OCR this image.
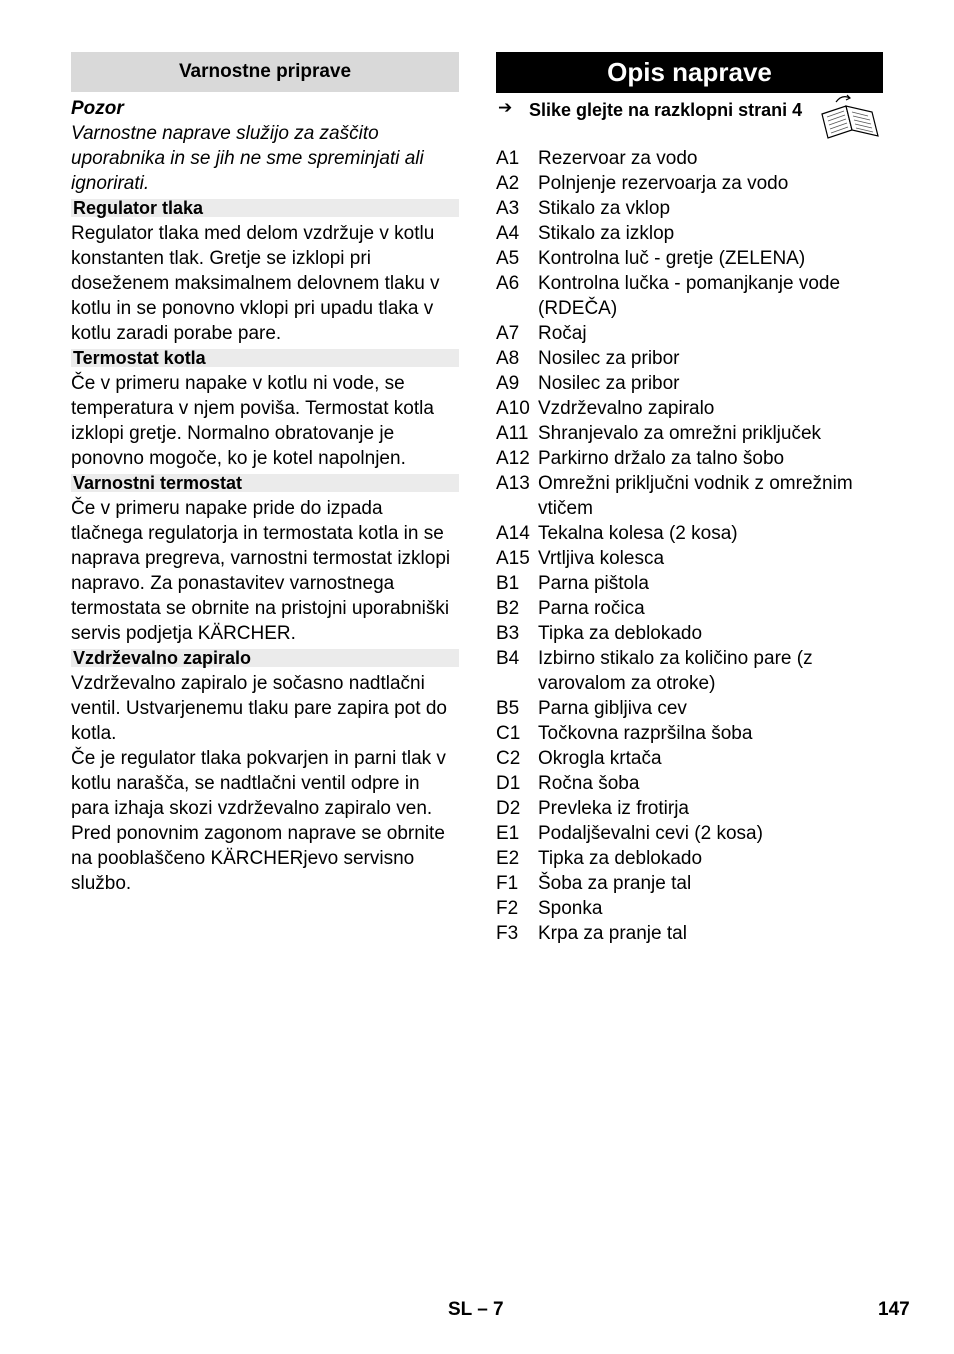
Varnostne priprave

Pozor

Varnostne naprave služijo za zaščito uporabnika in se jih ne sme spreminjati ali ignorirati.

Regulator tlaka

Regulator tlaka med delom vzdržuje v kotlu konstanten tlak. Gretje se izklopi pri doseženem maksimalnem delovnem tlaku v kotlu in se ponovno vklopi pri upadu tlaka v kotlu zaradi porabe pare.

Termostat kotla

Če v primeru napake v kotlu ni vode, se temperatura v njem poviša. Termostat kotla izklopi gretje. Normalno obratovanje je ponovno mogoče, ko je kotel napolnjen.

Varnostni termostat

Če v primeru napake pride do izpada tlačnega regulatorja in termostata kotla in se naprava pregreva, varnostni termostat izklopi napravo. Za ponastavitev varnostnega termostata se obrnite na pristojni uporabniški servis podjetja KÄRCHER.

Vzdrževalno zapiralo

Vzdrževalno zapiralo je sočasno nadtlačni ventil. Ustvarjenemu tlaku pare zapira pot do kotla.

Če je regulator tlaka pokvarjen in parni tlak v kotlu narašča, se nadtlačni ventil odpre in para izhaja skozi vzdrževalno zapiralo ven. Pred ponovnim zagonom naprave se obrnite na pooblaščeno KÄRCHERjevo servisno službo.

Opis naprave
➔ Slike glejte na razklopni strani 4
A1 Rezervoar za vodo
A2 Polnjenje rezervoarja za vodo
A3 Stikalo za vklop
A4 Stikalo za izklop
A5 Kontrolna luč - gretje (ZELENA)
A6 Kontrolna lučka - pomanjkanje vode (RDEČA)
A7 Ročaj
A8 Nosilec za pribor
A9 Nosilec za pribor
A10 Vzdrževalno zapiralo
A11 Shranjevalo za omrežni priključek
A12 Parkirno držalo za talno šobo
A13 Omrežni priključni vodnik z omrežnim vtičem
A14 Tekalna kolesa (2 kosa)
A15 Vrtljiva kolesca
B1 Parna pištola
B2 Parna ročica
B3 Tipka za deblokado
B4 Izbirno stikalo za količino pare (z varovalom za otroke)
B5 Parna gibljiva cev
C1 Točkovna razpršilna šoba
C2 Okrogla krtača
D1 Ročna šoba
D2 Prevleka iz frotirja
E1 Podaljševalni cevi (2 kosa)
E2 Tipka za deblokado
F1 Šoba za pranje tal
F2 Sponka
F3 Krpa za pranje tal
SL – 7	147
